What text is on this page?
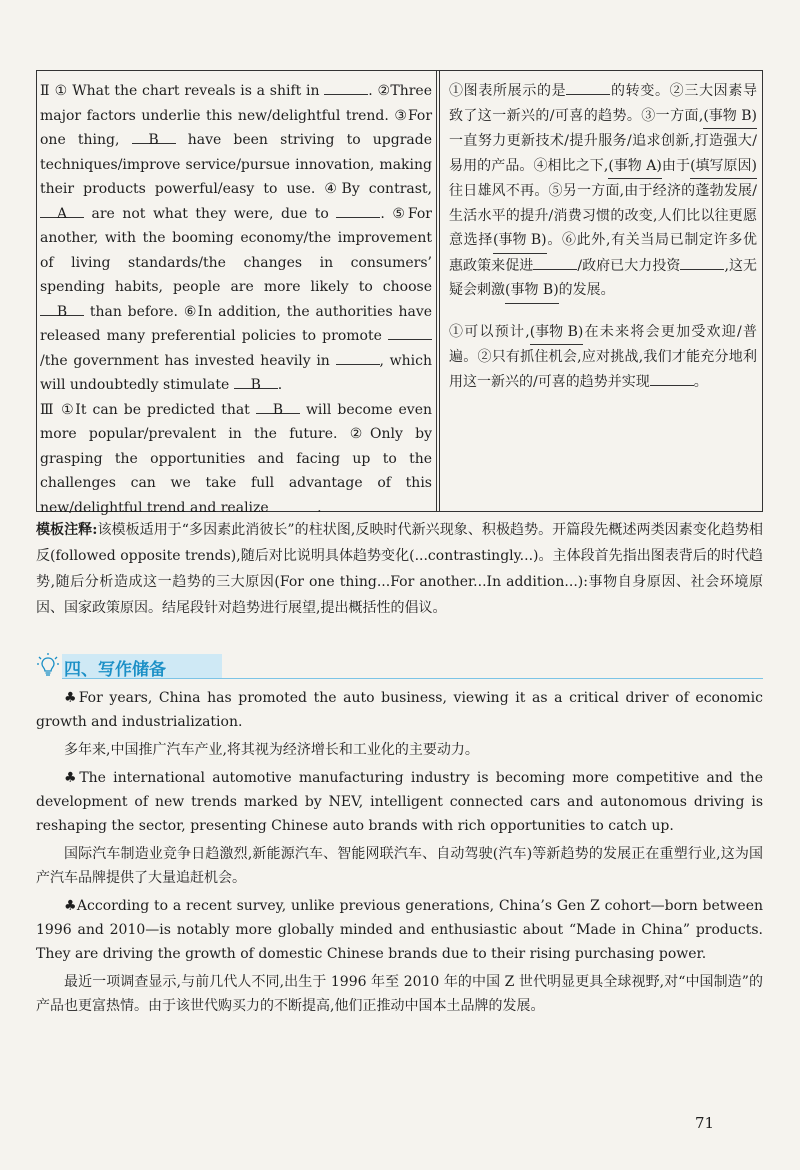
Ⅱ ① What the chart reveals is a shift in	. ②Three major factors underlie this new/delightful trend. ③For one thing, B have been striving to upgrade techniques/improve service/pursue innovation, making their products powerful/easy to use. ④By contrast, A are not what they were, due to	. ⑤For another, with the booming economy/the improvement of living standards/the changes in consumers’ spending habits, people are more likely to choose B than before. ⑥In addition, the authorities have released many preferential policies to promote /the government has invested heavily in	, which will undoubtedly stimulate B .

Ⅲ ①It can be predicted that B will become even more popular/prevalent in the future. ②Only by grasping the opportunities and facing up to the challenges can we take full advantage of this new/delightful trend and realize	.

①图表所展示的是	的转变。②三大因素导致了这一新兴的/可喜的趋势。③一方面,(事物 B)一直努力更新技术/提升服务/追求创新,打造强大/易用的产品。④相比之下,(事物 A)由于(填写原因)往日雄风不再。⑤另一方面,由于经济的蓬勃发展/生活水平的提升/消费习惯的改变,人们比以往更愿意选择(事物 B)。⑥此外,有关当局已制定许多优惠政策来促进	/政府已大力投资	,这无疑会刺激(事物 B)的发展。

①可以预计,(事物 B)在未来将会更加受欢迎/普遍。②只有抓住机会,应对挑战,我们才能充分地利用这一新兴的/可喜的趋势并实现	。

模板注释:该模板适用于“多因素此消彼长”的柱状图,反映时代新兴现象、积极趋势。开篇段先概述两类因素变化趋势相反(followed opposite trends),随后对比说明具体趋势变化(...contrastingly...)。主体段首先指出图表背后的时代趋势,随后分析造成这一趋势的三大原因(For one thing...For another...In addition...):事物自身原因、社会环境原因、国家政策原因。结尾段针对趋势进行展望,提出概括性的倡议。

四、写作储备

♣For years, China has promoted the auto business, viewing it as a critical driver of economic growth and industrialization.

多年来,中国推广汽车产业,将其视为经济增长和工业化的主要动力。

♣The international automotive manufacturing industry is becoming more competitive and the development of new trends marked by NEV, intelligent connected cars and autonomous driving is reshaping the sector, presenting Chinese auto brands with rich opportunities to catch up.

国际汽车制造业竞争日趋激烈,新能源汽车、智能网联汽车、自动驾驶(汽车)等新趋势的发展正在重塑行业,这为国产汽车品牌提供了大量追赶机会。

♣According to a recent survey, unlike previous generations, China’s Gen Z cohort—born between 1996 and 2010—is notably more globally minded and enthusiastic about “Made in China” products. They are driving the growth of domestic Chinese brands due to their rising purchasing power.

最近一项调查显示,与前几代人不同,出生于 1996 年至 2010 年的中国 Z 世代明显更具全球视野,对“中国制造”的产品也更富热情。由于该世代购买力的不断提高,他们正推动中国本土品牌的发展。

71
